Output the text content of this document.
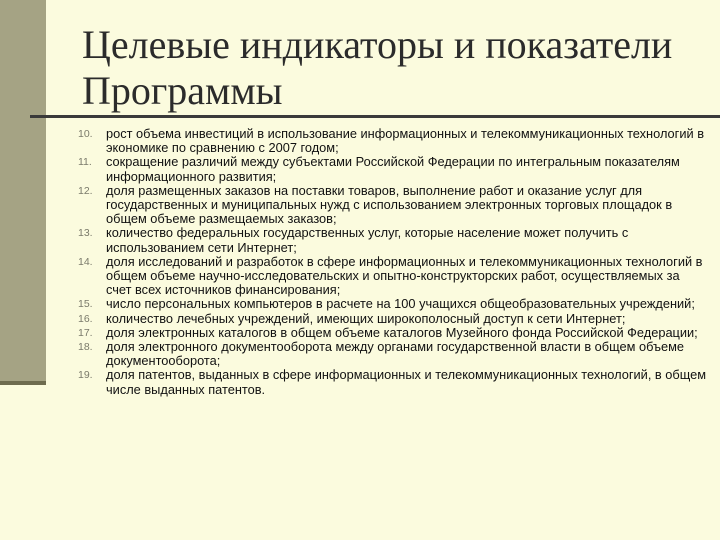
Целевые индикаторы и показатели Программы
10. рост объема инвестиций в использование информационных и телекоммуникационных технологий в экономике по сравнению с 2007 годом;
11. сокращение различий между субъектами Российской Федерации по интегральным показателям информационного развития;
12. доля размещенных заказов на поставки товаров, выполнение работ и оказание услуг для государственных и муниципальных нужд с использованием электронных торговых площадок в общем объеме размещаемых заказов;
13. количество федеральных государственных услуг, которые население может получить с использованием сети Интернет;
14. доля исследований и разработок в сфере информационных и телекоммуникационных технологий в общем объеме научно-исследовательских и опытно-конструкторских работ, осуществляемых за счет всех источников финансирования;
15. число персональных компьютеров в расчете на 100 учащихся общеобразовательных учреждений;
16. количество лечебных учреждений, имеющих широкополосный доступ к сети Интернет;
17. доля электронных каталогов в общем объеме каталогов Музейного фонда Российской Федерации;
18. доля электронного документооборота между органами государственной власти в общем объеме документооборота;
19. доля патентов, выданных в сфере информационных и телекоммуникационных технологий, в общем числе выданных патентов.
